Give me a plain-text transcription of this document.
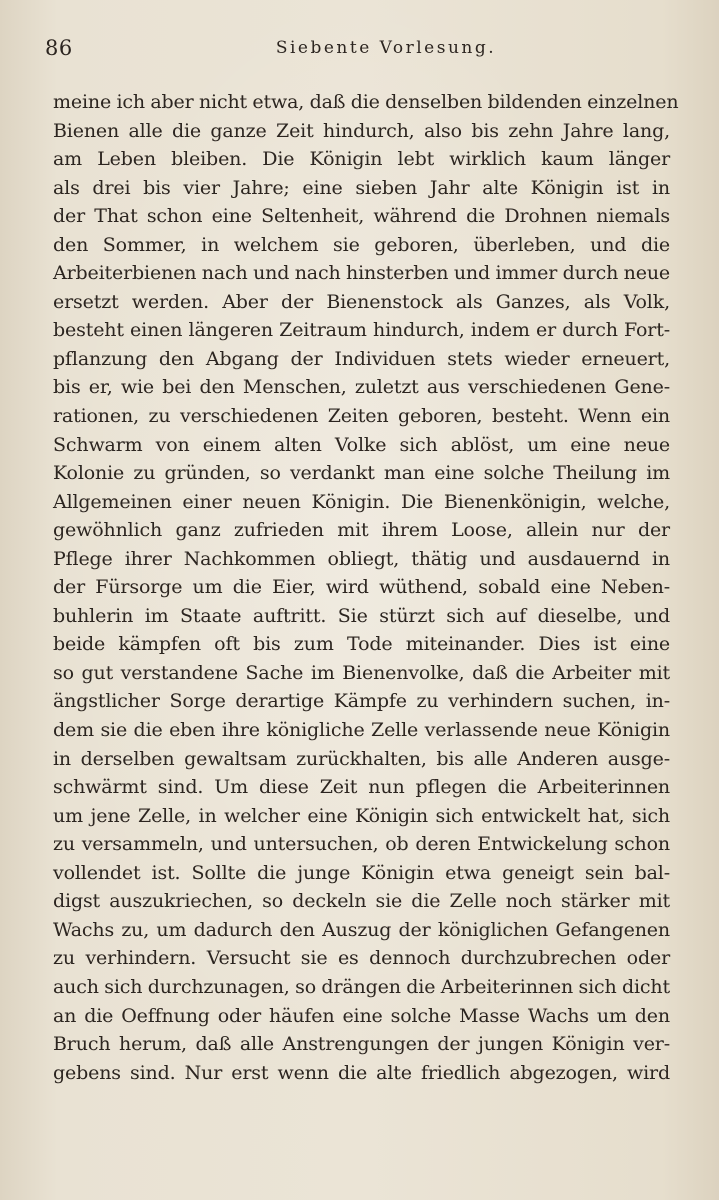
86	Siebente Vorlesung.
meine ich aber nicht etwa, daß die denselben bildenden einzelnen
Bienen alle die ganze Zeit hindurch, also bis zehn Jahre lang,
am Leben bleiben. Die Königin lebt wirklich kaum länger
als drei bis vier Jahre; eine sieben Jahr alte Königin ist in
der That schon eine Seltenheit, während die Drohnen niemals
den Sommer, in welchem sie geboren, überleben, und die
Arbeiterbienen nach und nach hinsterben und immer durch neue
ersetzt werden. Aber der Bienenstock als Ganzes, als Volk,
besteht einen längeren Zeitraum hindurch, indem er durch Fort-
pflanzung den Abgang der Individuen stets wieder erneuert,
bis er, wie bei den Menschen, zuletzt aus verschiedenen Gene-
rationen, zu verschiedenen Zeiten geboren, besteht. Wenn ein
Schwarm von einem alten Volke sich ablöst, um eine neue
Kolonie zu gründen, so verdankt man eine solche Theilung im
Allgemeinen einer neuen Königin. Die Bienenkönigin, welche,
gewöhnlich ganz zufrieden mit ihrem Loose, allein nur der
Pflege ihrer Nachkommen obliegt, thätig und ausdauernd in
der Fürsorge um die Eier, wird wüthend, sobald eine Neben-
buhlerin im Staate auftritt. Sie stürzt sich auf dieselbe, und
beide kämpfen oft bis zum Tode miteinander. Dies ist eine
so gut verstandene Sache im Bienenvolke, daß die Arbeiter mit
ängstlicher Sorge derartige Kämpfe zu verhindern suchen, in-
dem sie die eben ihre königliche Zelle verlassende neue Königin
in derselben gewaltsam zurückhalten, bis alle Anderen ausge-
schwärmt sind. Um diese Zeit nun pflegen die Arbeiterinnen
um jene Zelle, in welcher eine Königin sich entwickelt hat, sich
zu versammeln, und untersuchen, ob deren Entwickelung schon
vollendet ist. Sollte die junge Königin etwa geneigt sein bal-
digst auszukriechen, so deckeln sie die Zelle noch stärker mit
Wachs zu, um dadurch den Auszug der königlichen Gefangenen
zu verhindern. Versucht sie es dennoch durchzubrechen oder
auch sich durchzunagen, so drängen die Arbeiterinnen sich dicht
an die Oeffnung oder häufen eine solche Masse Wachs um den
Bruch herum, daß alle Anstrengungen der jungen Königin ver-
gebens sind. Nur erst wenn die alte friedlich abgezogen, wird
